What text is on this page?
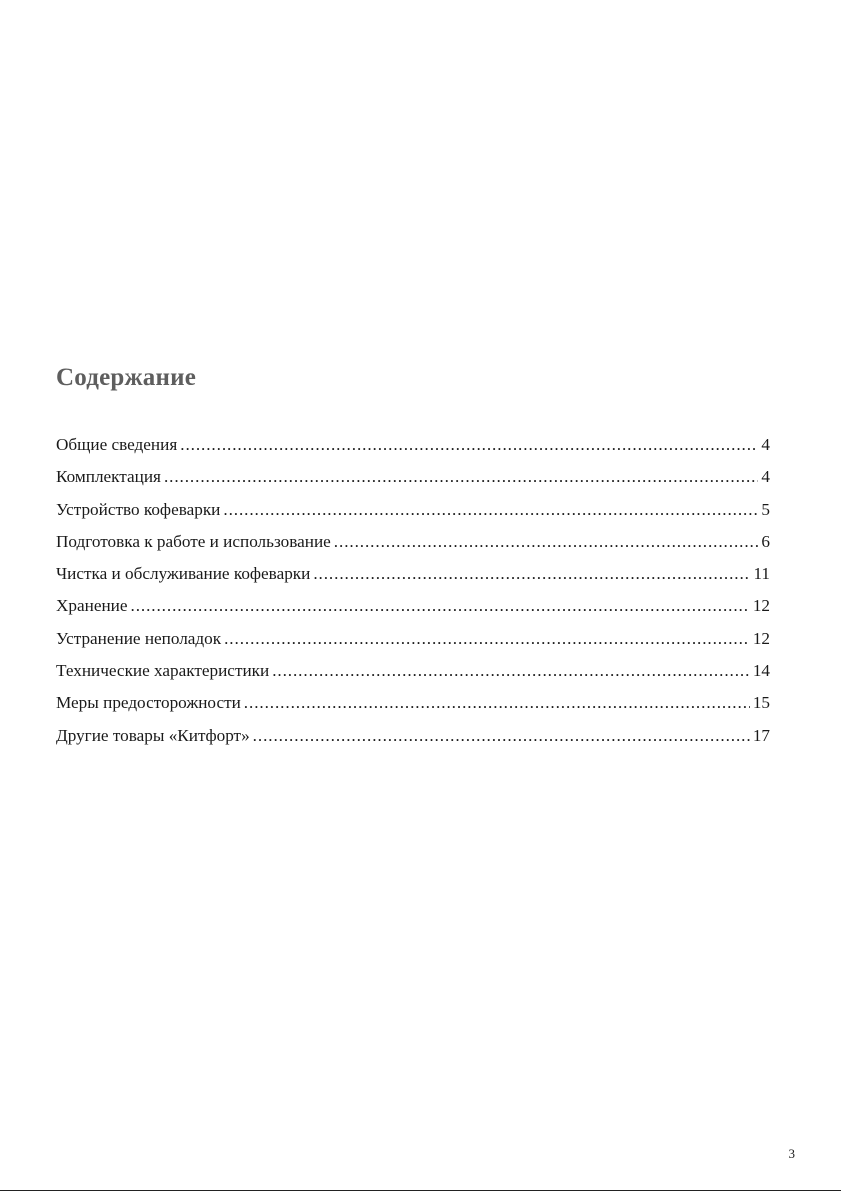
Содержание
Общие сведения .....	4
Комплектация .....	4
Устройство кофеварки .....	5
Подготовка к работе и использование .....	6
Чистка и обслуживание кофеварки .....	11
Хранение .....	12
Устранение неполадок .....	12
Технические характеристики .....	14
Меры предосторожности .....	15
Другие товары «Китфорт» .....	17
3
